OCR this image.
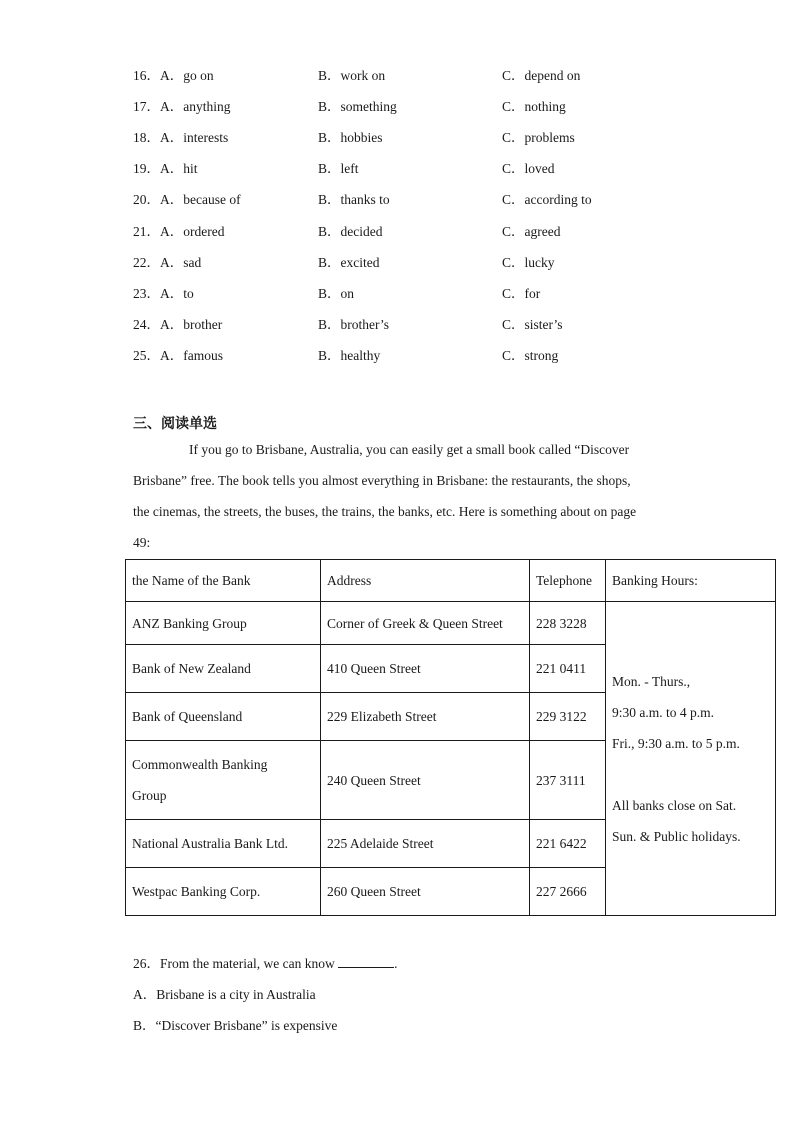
16．A．go on	B．work on	C．depend on
17．A．anything	B．something	C．nothing
18．A．interests	B．hobbies	C．problems
19．A．hit	B．left	C．loved
20．A．because of	B．thanks to	C．according to
21．A．ordered	B．decided	C．agreed
22．A．sad	B．excited	C．lucky
23．A．to	B．on	C．for
24．A．brother	B．brother’s	C．sister’s
25．A．famous	B．healthy	C．strong
三、阅读单选
If you go to Brisbane, Australia, you can easily get a small book called “Discover
Brisbane” free. The book tells you almost everything in Brisbane: the restaurants, the shops,
the cinemas, the streets, the buses, the trains, the banks, etc. Here is something about on page
49:
the Name of the Bank	Address	Telephone	Banking Hours:
ANZ Banking Group	Corner of Greek & Queen Street	228 3228	Mon. - Thurs.,
9:30 a.m. to 4 p.m.
Fri., 9:30 a.m. to 5 p.m.
All banks close on Sat.
Sun. & Public holidays.

Bank of New Zealand	410 Queen Street	221 0411	
Bank of Queensland	229 Elizabeth Street	229 3122	

Commonwealth Banking
Group	240 Queen Street	237 3111	
National Australia Bank Ltd.	225 Adelaide Street	221 6422	
Westpac Banking Corp.	260 Queen Street	227 2666	
26．From the material, we can know	.
A．Brisbane is a city in Australia
B．“Discover Brisbane” is expensive
